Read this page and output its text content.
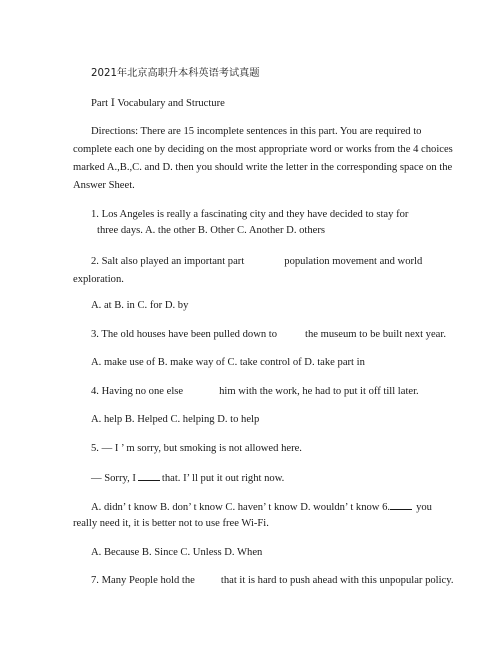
2021年北京高职升本科英语考试真题
Part Ⅰ Vocabulary and Structure
Directions: There are 15 incomplete sentences in this part. You are required to
complete each one by deciding on the most appropriate word or works from the 4 choices
marked A.,B.,C. and D. then you should write the letter in the corresponding space on the
Answer Sheet.
1. Los Angeles is really a fascinating city and they have decided to stay for
three days. A. the other B. Other C. Another D. others
2. Salt also played an important part	population movement and world
exploration.
A. at B. in C. for D. by
3. The old houses have been pulled down to	the museum to be built next year.
A. make use of B. make way of C. take control of D. take part in
4. Having no one else	him with the work, he had to put it off till later.
A. help B. Helped C. helping D. to help
5. — I ’ m sorry, but smoking is not allowed here.
— Sorry, I that. I’ ll put it out right now.
A. didn’ t know B. don’ t know C. haven’ t know D. wouldn’ t know 6. you
really need it, it is better not to use free Wi-Fi.
A. Because B. Since C. Unless D. When
7. Many People hold the that it is hard to push ahead with this unpopular policy.
